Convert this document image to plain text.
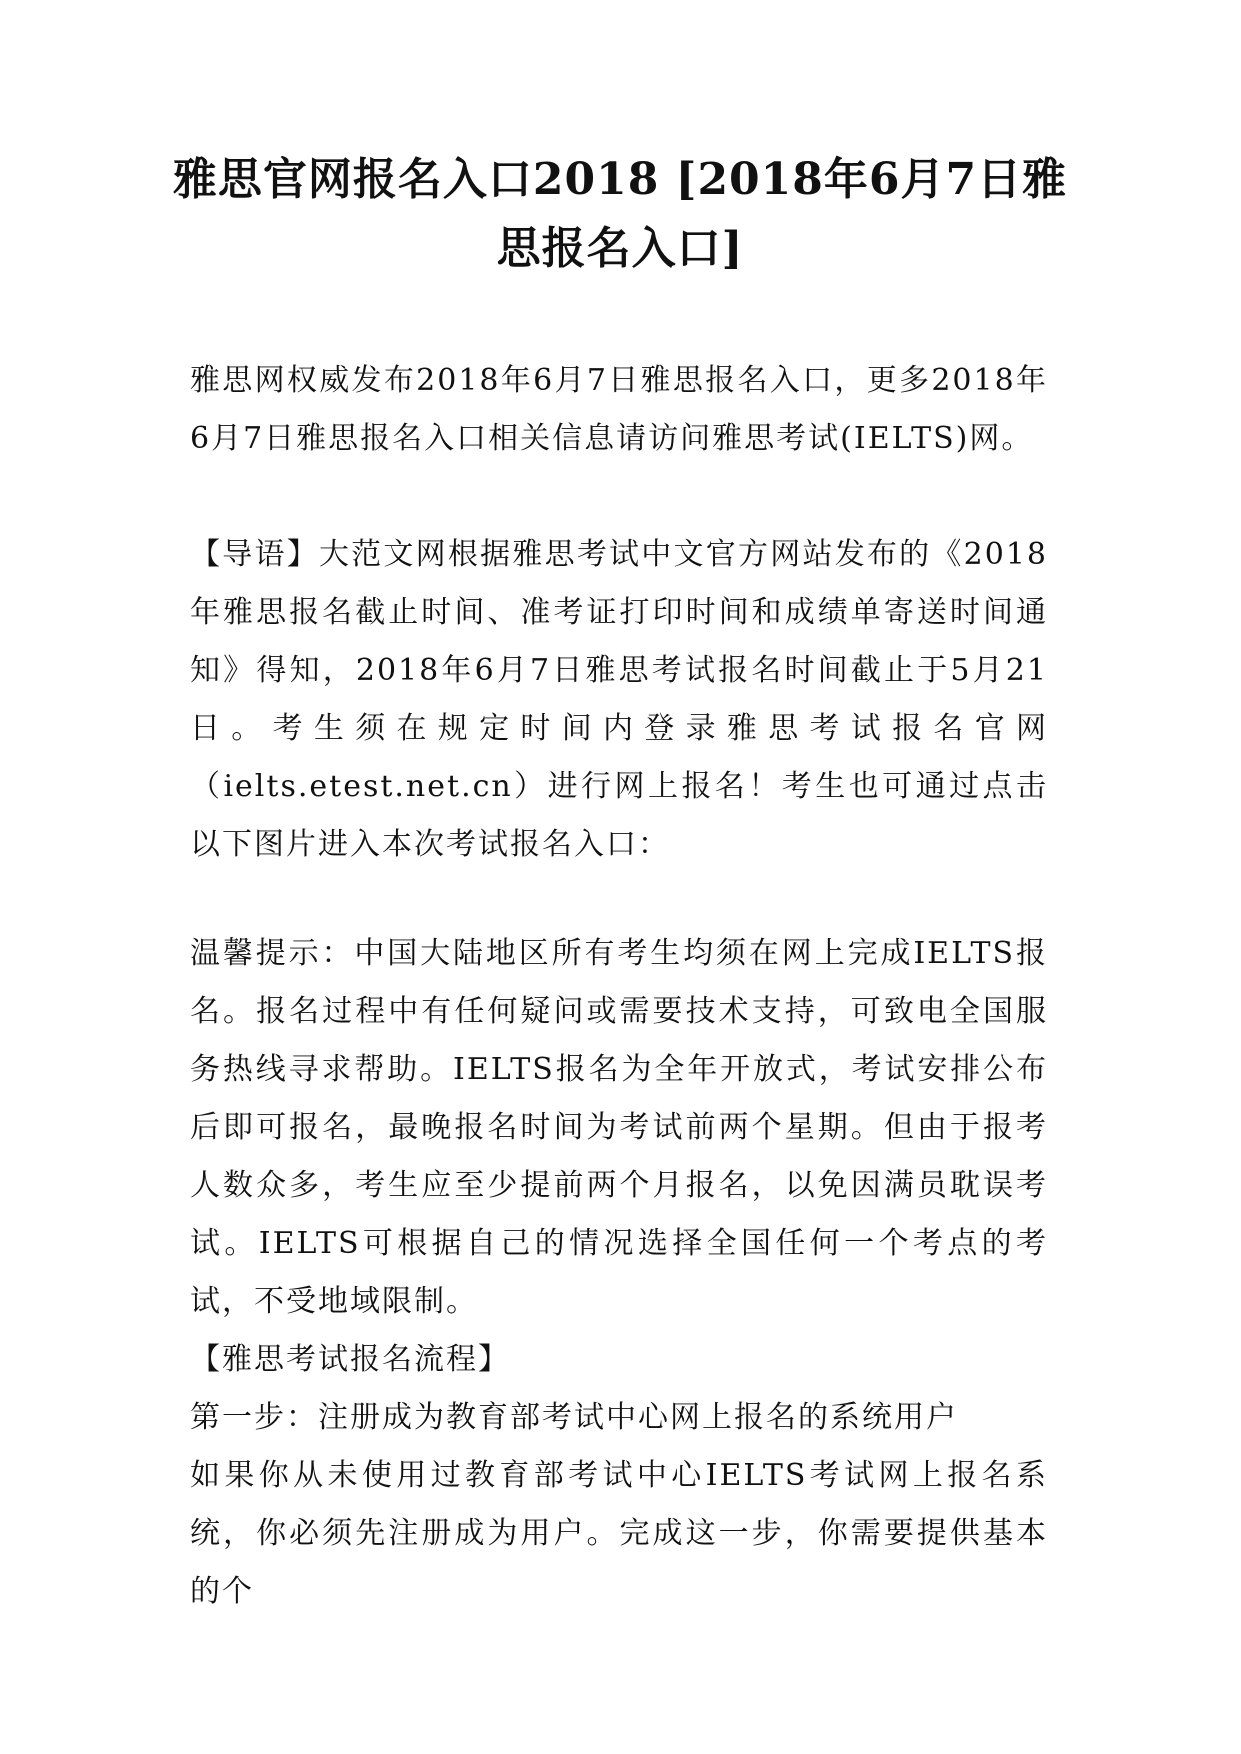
雅思官网报名入口2018 [2018年6月7日雅思报名入口]

雅思网权威发布2018年6月7日雅思报名入口，更多2018年6月7日雅思报名入口相关信息请访问雅思考试(IELTS)网。

【导语】大范文网根据雅思考试中文官方网站发布的《2018年雅思报名截止时间、准考证打印时间和成绩单寄送时间通知》得知，2018年6月7日雅思考试报名时间截止于5月21日。考生须在规定时间内登录雅思考试报名官网（ielts.etest.net.cn）进行网上报名！考生也可通过点击以下图片进入本次考试报名入口：

温馨提示：中国大陆地区所有考生均须在网上完成IELTS报名。报名过程中有任何疑问或需要技术支持，可致电全国服务热线寻求帮助。IELTS报名为全年开放式，考试安排公布后即可报名，最晚报名时间为考试前两个星期。但由于报考人数众多，考生应至少提前两个月报名，以免因满员耽误考试。IELTS可根据自己的情况选择全国任何一个考点的考试，不受地域限制。

【雅思考试报名流程】

第一步：注册成为教育部考试中心网上报名的系统用户

如果你从未使用过教育部考试中心IELTS考试网上报名系统，你必须先注册成为用户。完成这一步，你需要提供基本的个
